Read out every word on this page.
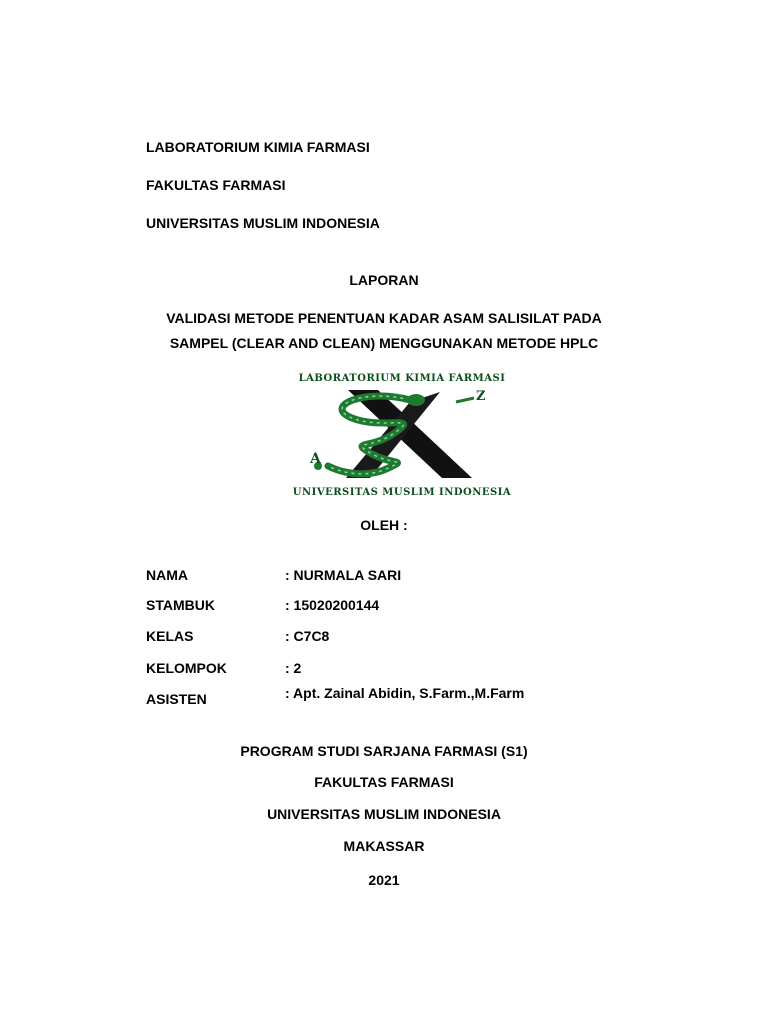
LABORATORIUM KIMIA FARMASI
FAKULTAS FARMASI
UNIVERSITAS MUSLIM INDONESIA
LAPORAN
VALIDASI METODE PENENTUAN KADAR ASAM SALISILAT PADA
SAMPEL (CLEAR AND CLEAN) MENGGUNAKAN METODE HPLC
LABORATORIUM KIMIA FARMASI
A
Z
UNIVERSITAS MUSLIM INDONESIA
OLEH :
NAMA	: NURMALA SARI
STAMBUK	: 15020200144
KELAS	: C7C8
KELOMPOK	: 2
ASISTEN	: Apt. Zainal Abidin, S.Farm.,M.Farm
PROGRAM STUDI SARJANA FARMASI (S1)
FAKULTAS FARMASI
UNIVERSITAS MUSLIM INDONESIA
MAKASSAR
2021
